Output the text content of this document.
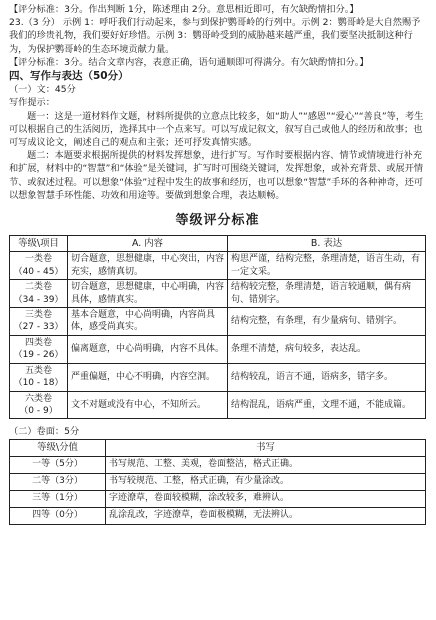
【评分标准：3分。作出判断 1分，陈述理由 2分。意思相近即可，有欠缺酌情扣分。】

23.（3 分） 示例 1：呼吁我们行动起来，参与到保护鹦哥岭的行列中。示例 2：鹦哥岭是大自然赐予我们的珍贵礼物，我们要好好珍惜。示例 3：鹦哥岭受到的威胁越来越严重，我们要坚决抵制这种行为，为保护鹦哥岭的生态环境贡献力量。

【评分标准：3分。结合文章内容，表意正确，语句通顺即可得满分。有欠缺酌情扣分。】

四、写作与表达（50分）

（一）文：45分

写作提示：

题一：这是一道材料作文题，材料所提供的立意点比较多，如“助人”“感恩”“爱心”“善良”等，考生可以根据自己的生活阅历，选择其中一个点来写。可以写成记叙文，叙写自己或他人的经历和故事；也可写成议论文，阐述自己的观点和主张；还可抒发真情实感。

题二：本题要求根据所提供的材料发挥想象，进行扩写。写作时要根据内容、情节或情境进行补充和扩展，材料中的“智慧”和“体验”是关键词，扩写时可围绕关键词，发挥想象，或补充背景、或展开情节、或叙述过程。可以想象“体验”过程中发生的故事和经历，也可以想象“智慧”手环的各种神奇，还可以想象智慧手环性能、功效和用途等。要做到想象合理，表达顺畅。

等级评分标准
等级\项目	A. 内容	B. 表达

一类卷
（40 - 45）	切合题意，思想健康，中心突出，内容充实，感情真切。	构思严谨，结构完整，条理清楚，语言生动，有一定文采。

二类卷
（34 - 39）	切合题意，思想健康，中心明确，内容具体，感情真实。	结构较完整，条理清楚，语言较通顺，偶有病句、错别字。

三类卷
（27 - 33）	基本合题意，中心尚明确，内容尚具体，感受尚真实。	结构完整，有条理，有少量病句、错别字。

四类卷
（19 - 26）	偏离题意，中心尚明确，内容不具体。	条理不清楚，病句较多，表达乱。

五类卷
（10 - 18）	严重偏题，中心不明确，内容空洞。	结构较乱，语言不通，语病多，错字多。

六类卷
（0 - 9）	文不对题或没有中心，不知所云。	结构混乱，语病严重，文理不通，不能成篇。

（二）卷面：5分

等级\分值	书写
一等（5分）	书写规范、工整、美观，卷面整洁，格式正确。
二等（3分）	书写较规范、工整，格式正确，有少量涂改。
三等（1分）	字迹潦草，卷面较模糊，涂改较多，难辨认。
四等（0分）	乱涂乱改，字迹潦草，卷面极模糊，无法辨认。
